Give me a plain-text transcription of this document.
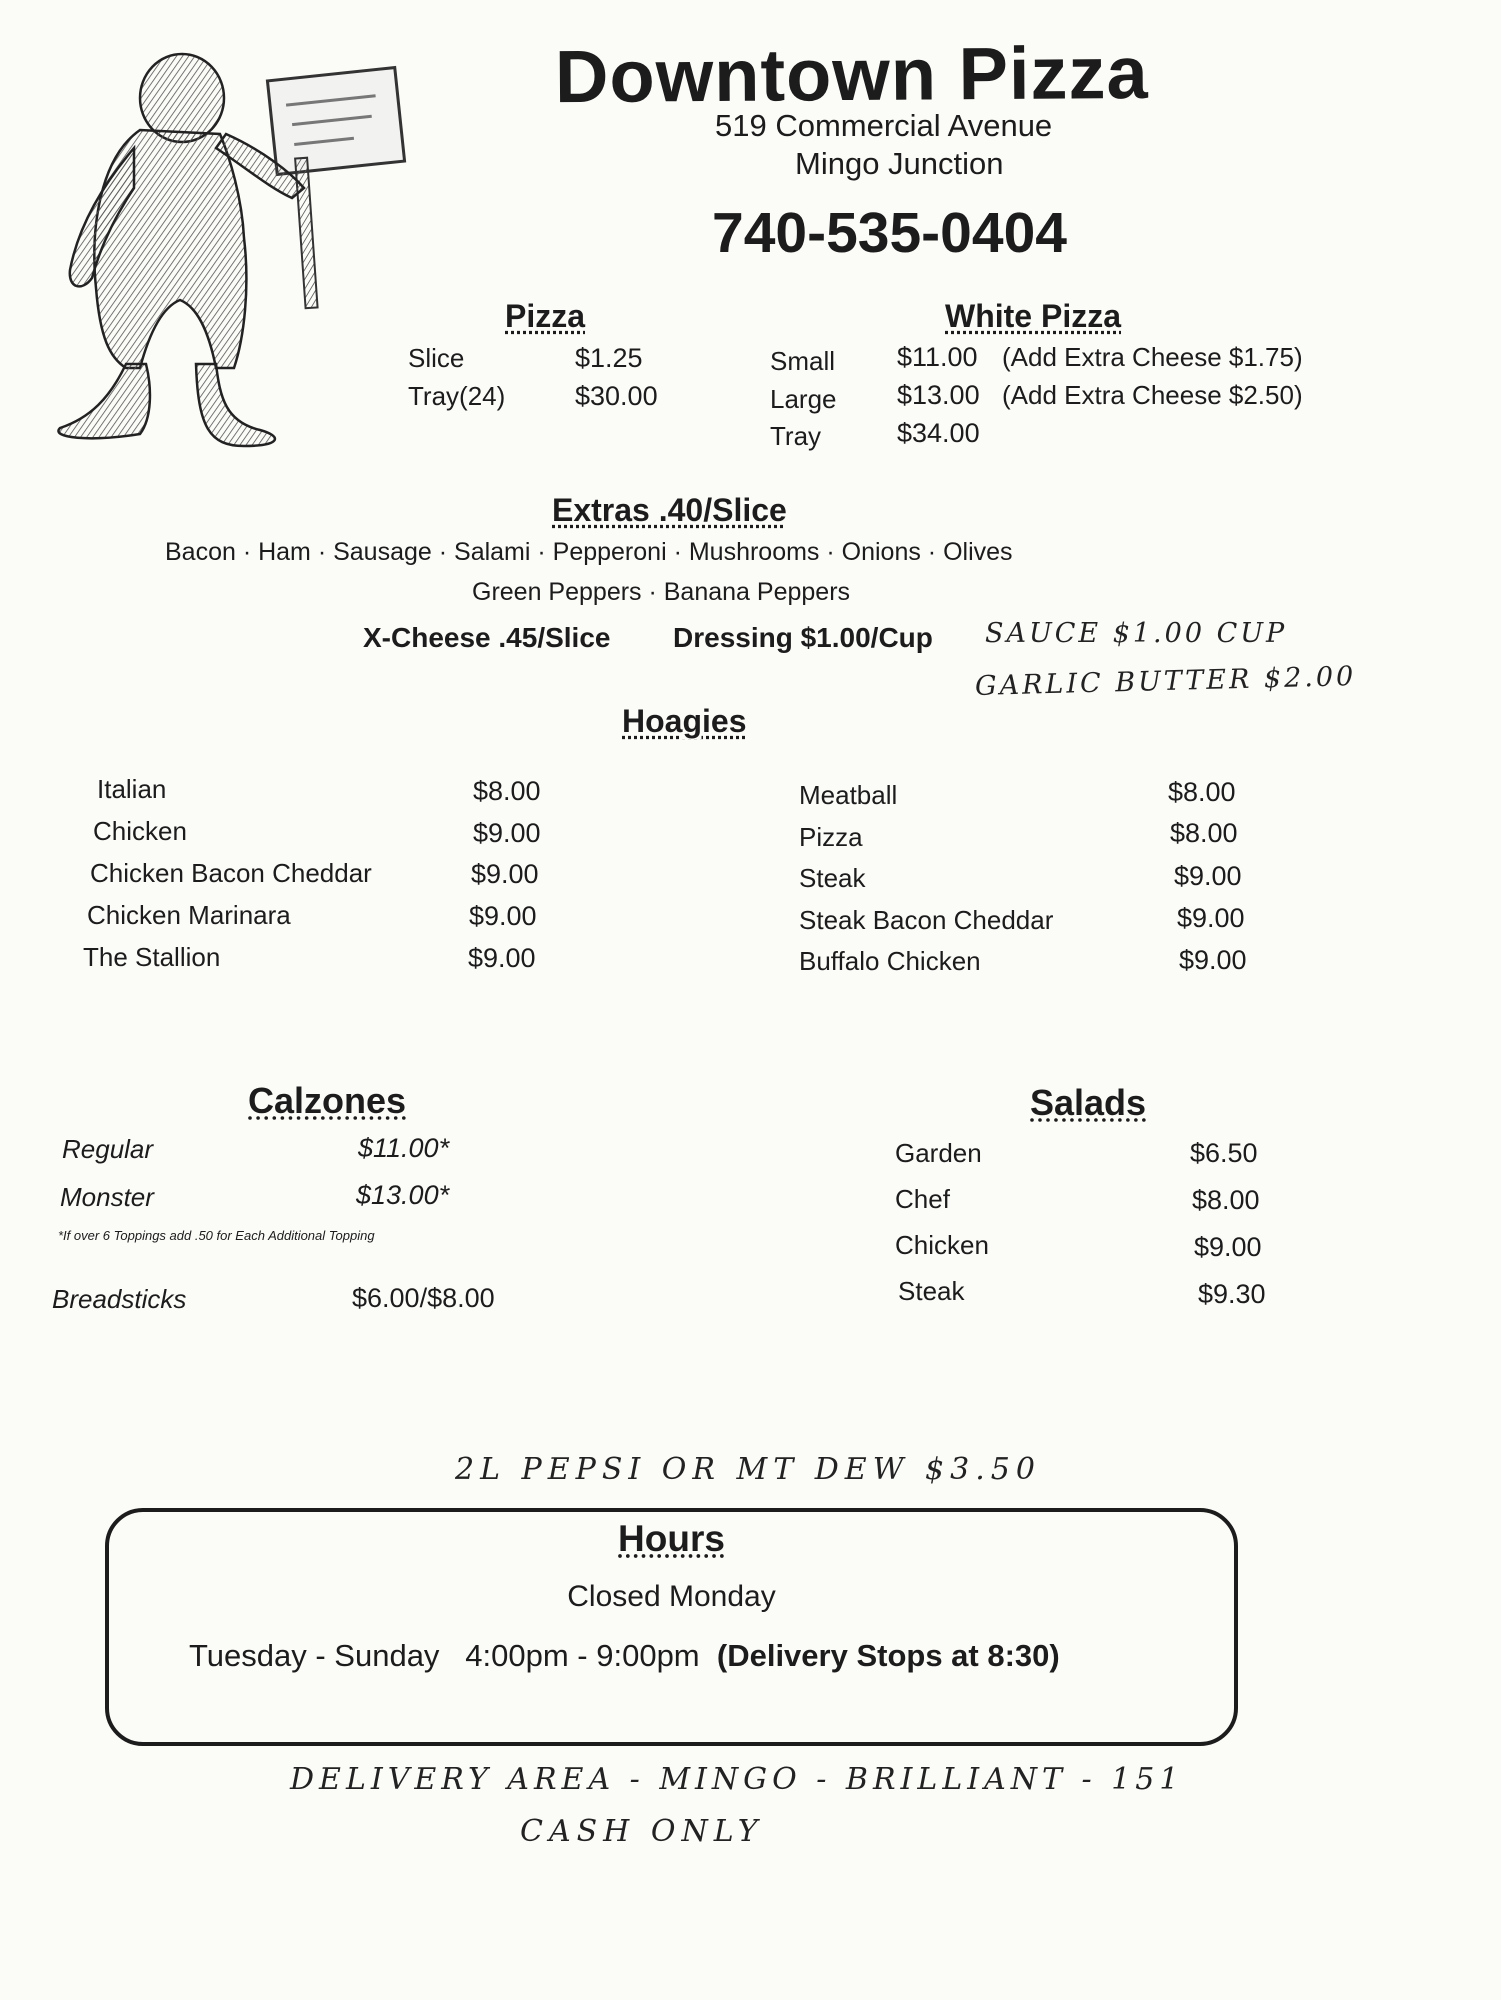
Downtown Pizza
519 Commercial Avenue
Mingo Junction
740-535-0404
Pizza
Slice	$1.25
Tray(24)	$30.00
White Pizza
Small $11.00 (Add Extra Cheese $1.75)
Large $13.00 (Add Extra Cheese $2.50)
Tray	$34.00
Extras .40/Slice
Bacon · Ham · Sausage · Salami · Pepperoni · Mushrooms · Onions · Olives
Green Peppers · Banana Peppers
X-Cheese .45/Slice Dressing $1.00/Cup SAUCE $1.00 CUP
GARLIC BUTTER $2.00
Hoagies
Italian	$8.00
Chicken	$9.00
Chicken Bacon Cheddar	$9.00
Chicken Marinara	$9.00
The Stallion	$9.00
Meatball	$8.00
Pizza	$8.00
Steak	$9.00
Steak Bacon Cheddar	$9.00
Buffalo Chicken	$9.00
Calzones
Regular	$11.00*
Monster	$13.00*
*If over 6 Toppings add .50 for Each Additional Topping
Breadsticks	$6.00/$8.00
Salads
Garden	$6.50
Chef	$8.00
Chicken	$9.00
Steak	$9.30
2L PEPSI OR MT DEW $3.50
Hours
Closed Monday
Tuesday - Sunday 4:00pm - 9:00pm (Delivery Stops at 8:30)
DELIVERY AREA - MINGO - BRILLIANT - 151
CASH ONLY
